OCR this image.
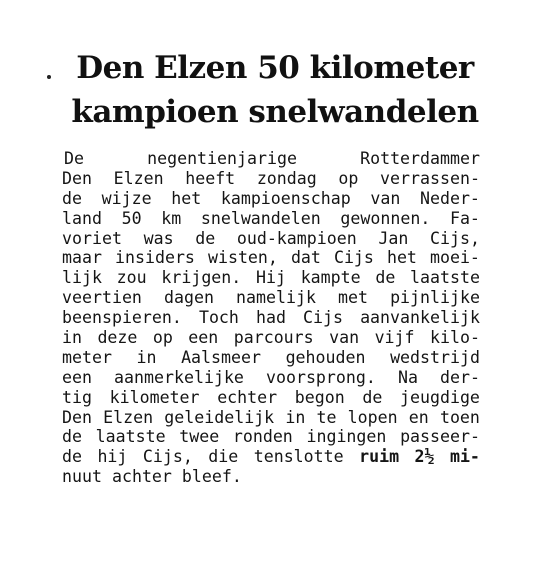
Den Elzen 50 kilometer
kampioen snelwandelen
De	negentienjarige	Rotterdammer
Den Elzen heeft zondag op verrassen-
de wijze het kampioenschap van Neder-
land 50 km snelwandelen gewonnen. Fa-
voriet was de oud-kampioen Jan Cijs,
maar insiders wisten, dat Cijs het moei-
lijk zou krijgen. Hij kampte de laatste
veertien dagen namelijk met pijnlijke
beenspieren. Toch had Cijs aanvankelijk
in deze op een parcours van vijf kilo-
meter in Aalsmeer gehouden wedstrijd
een aanmerkelijke voorsprong. Na der-
tig kilometer echter begon de jeugdige
Den Elzen geleidelijk in te lopen en toen
de laatste twee ronden ingingen passeer-
de hij Cijs, die tenslotte ruim 2½ mi-
nuut achter bleef.
